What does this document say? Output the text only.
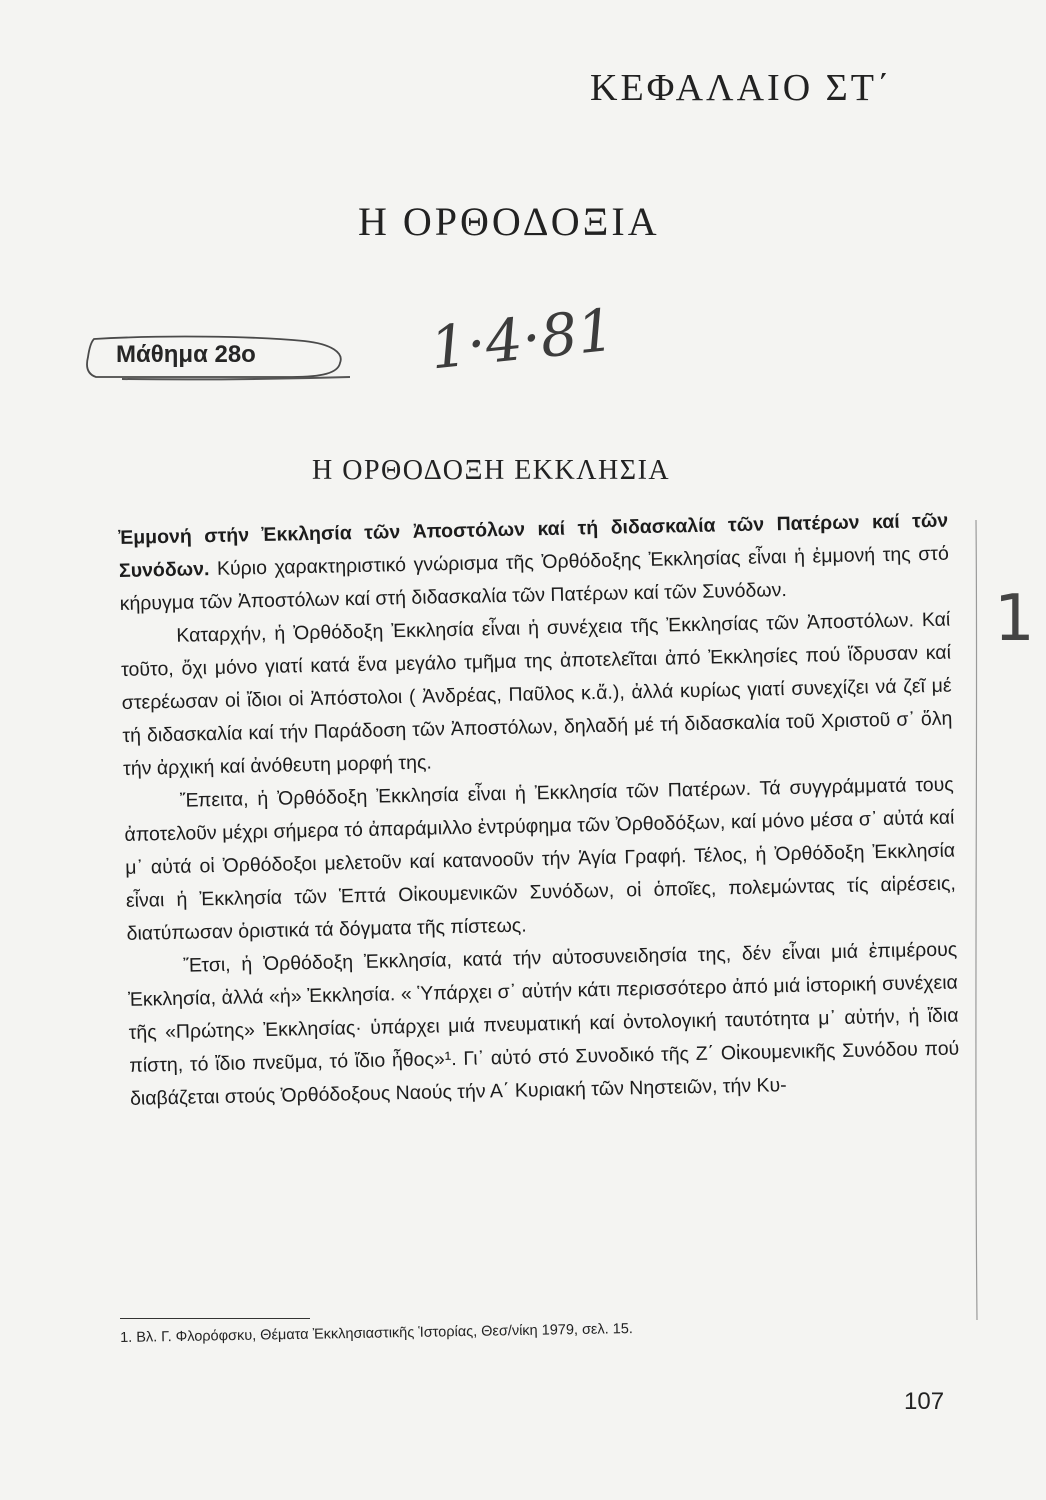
ΚΕΦΑΛΑΙΟ ΣΤ΄
Η ΟΡΘΟΔΟΞΙΑ
Μάθημα 28ο	1·4·81
Η ΟΡΘΟΔΟΞΗ ΕΚΚΛΗΣΙΑ

Ἐμμονή στήν Ἐκκλησία τῶν Ἀποστόλων καί τή διδασκαλία τῶν Πατέρων καί τῶν Συνόδων. Κύριο χαρακτηριστικό γνώρισμα τῆς Ὀρθόδοξης Ἐκκλησίας εἶναι ἡ ἐμμονή της στό κήρυγμα τῶν Ἀποστόλων καί στή διδασκαλία τῶν Πατέρων καί τῶν Συνόδων.

Καταρχήν, ἡ Ὀρθόδοξη Ἐκκλησία εἶναι ἡ συνέχεια τῆς Ἐκκλησίας τῶν Ἀποστόλων. Καί τοῦτο, ὄχι μόνο γιατί κατά ἕνα μεγάλο τμῆμα της ἀποτελεῖται ἀπό Ἐκκλησίες πού ἵδρυσαν καί στερέωσαν οἱ ἴδιοι οἱ Ἀπόστολοι ( Ἀνδρέας, Παῦλος κ.ἄ.), ἀλλά κυρίως γιατί συνεχίζει νά ζεῖ μέ τή διδασκαλία καί τήν Παράδοση τῶν Ἀποστόλων, δηλαδή μέ τή διδασκαλία τοῦ Χριστοῦ σ᾿ ὅλη τήν ἀρχική καί ἀνόθευτη μορφή της.

Ἔπειτα, ἡ Ὀρθόδοξη Ἐκκλησία εἶναι ἡ Ἐκκλησία τῶν Πατέρων. Τά συγγράμματά τους ἀποτελοῦν μέχρι σήμερα τό ἀπαράμιλλο ἐντρύφημα τῶν Ὀρθοδόξων, καί μόνο μέσα σ᾿ αὐτά καί μ᾿ αὐτά οἱ Ὀρθόδοξοι μελετοῦν καί κατανοοῦν τήν Ἁγία Γραφή. Τέλος, ἡ Ὀρθόδοξη Ἐκκλησία εἶναι ἡ Ἐκκλησία τῶν Ἑπτά Οἰκουμενικῶν Συνόδων, οἱ ὁποῖες, πολεμώντας τίς αἱρέσεις, διατύπωσαν ὁριστικά τά δόγματα τῆς πίστεως.

Ἔτσι, ἡ Ὀρθόδοξη Ἐκκλησία, κατά τήν αὐτοσυνειδησία της, δέν εἶναι μιά ἐπιμέρους Ἐκκλησία, ἀλλά «ἡ» Ἐκκλησία. « Ὑπάρχει σ᾿ αὐτήν κάτι περισσότερο ἀπό μιά ἱστορική συνέχεια τῆς «Πρώτης» Ἐκκλησίας· ὑπάρχει μιά πνευματική καί ὀντολογική ταυτότητα μ᾿ αὐτήν, ἡ ἴδια πίστη, τό ἴδιο πνεῦμα, τό ἴδιο ἦθος»¹. Γι᾿ αὐτό στό Συνοδικό τῆς Ζ΄ Οἰκουμενικῆς Συνόδου πού διαβάζεται στούς Ὀρθόδοξους Ναούς τήν Α΄ Κυριακή τῶν Νηστειῶν, τήν Κυ-

1. Βλ. Γ. Φλορόφσκυ, Θέματα Ἐκκλησιαστικῆς Ἱστορίας, Θεσ/νίκη 1979, σελ. 15.
107
1
